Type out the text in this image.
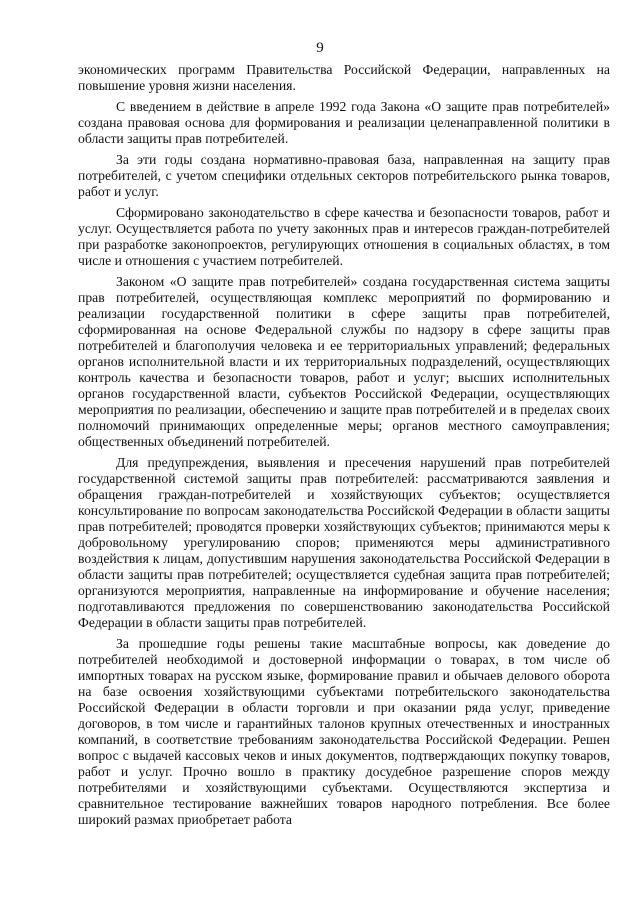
9

экономических программ Правительства Российской Федерации, направленных на повышение уровня жизни населения.

С введением в действие в апреле 1992 года Закона «О защите прав потребителей» создана правовая основа для формирования и реализации целенаправленной политики в области защиты прав потребителей.

За эти годы создана нормативно-правовая база, направленная на защиту прав потребителей, с учетом специфики отдельных секторов потребительского рынка товаров, работ и услуг.

Сформировано законодательство в сфере качества и безопасности товаров, работ и услуг. Осуществляется работа по учету законных прав и интересов граждан-потребителей при разработке законопроектов, регулирующих отношения в социальных областях, в том числе и отношения с участием потребителей.

Законом «О защите прав потребителей» создана государственная система защиты прав потребителей, осуществляющая комплекс мероприятий по формированию и реализации государственной политики в сфере защиты прав потребителей, сформированная на основе Федеральной службы по надзору в сфере защиты прав потребителей и благополучия человека и ее территориальных управлений; федеральных органов исполнительной власти и их территориальных подразделений, осуществляющих контроль качества и безопасности товаров, работ и услуг; высших исполнительных органов государственной власти, субъектов Российской Федерации, осуществляющих мероприятия по реализации, обеспечению и защите прав потребителей и в пределах своих полномочий принимающих определенные меры; органов местного самоуправления; общественных объединений потребителей.

Для предупреждения, выявления и пресечения нарушений прав потребителей государственной системой защиты прав потребителей: рассматриваются заявления и обращения граждан-потребителей и хозяйствующих субъектов; осуществляется консультирование по вопросам законодательства Российской Федерации в области защиты прав потребителей; проводятся проверки хозяйствующих субъектов; принимаются меры к добровольному урегулированию споров; применяются меры административного воздействия к лицам, допустившим нарушения законодательства Российской Федерации в области защиты прав потребителей; осуществляется судебная защита прав потребителей; организуются мероприятия, направленные на информирование и обучение населения; подготавливаются предложения по совершенствованию законодательства Российской Федерации в области защиты прав потребителей.

За прошедшие годы решены такие масштабные вопросы, как доведение до потребителей необходимой и достоверной информации о товарах, в том числе об импортных товарах на русском языке, формирование правил и обычаев делового оборота на базе освоения хозяйствующими субъектами потребительского законодательства Российской Федерации в области торговли и при оказании ряда услуг, приведение договоров, в том числе и гарантийных талонов крупных отечественных и иностранных компаний, в соответствие требованиям законодательства Российской Федерации. Решен вопрос с выдачей кассовых чеков и иных документов, подтверждающих покупку товаров, работ и услуг. Прочно вошло в практику досудебное разрешение споров между потребителями и хозяйствующими субъектами. Осуществляются экспертиза и сравнительное тестирование важнейших товаров народного потребления. Все более широкий размах приобретает работа
